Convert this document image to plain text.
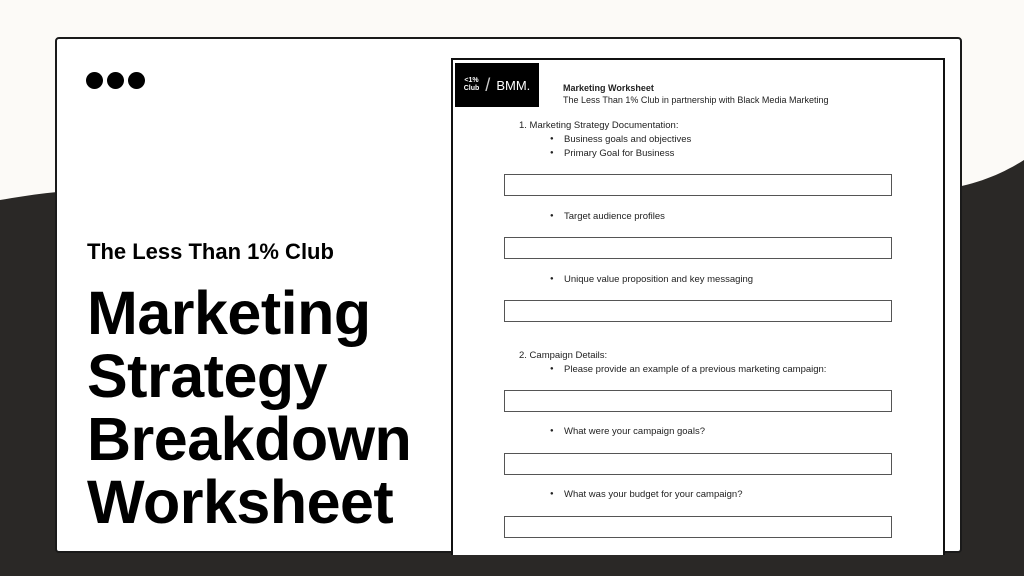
The Less Than 1% Club
Marketing
Strategy
Breakdown
Worksheet
<1%
Club / BMM.	Marketing Worksheet
The Less Than 1% Club in partnership with Black Media Marketing
1. Marketing Strategy Documentation:
● Business goals and objectives
● Primary Goal for Business
● Target audience profiles
● Unique value proposition and key messaging
2. Campaign Details:
● Please provide an example of a previous marketing campaign:
● What were your campaign goals?
● What was your budget for your campaign?
